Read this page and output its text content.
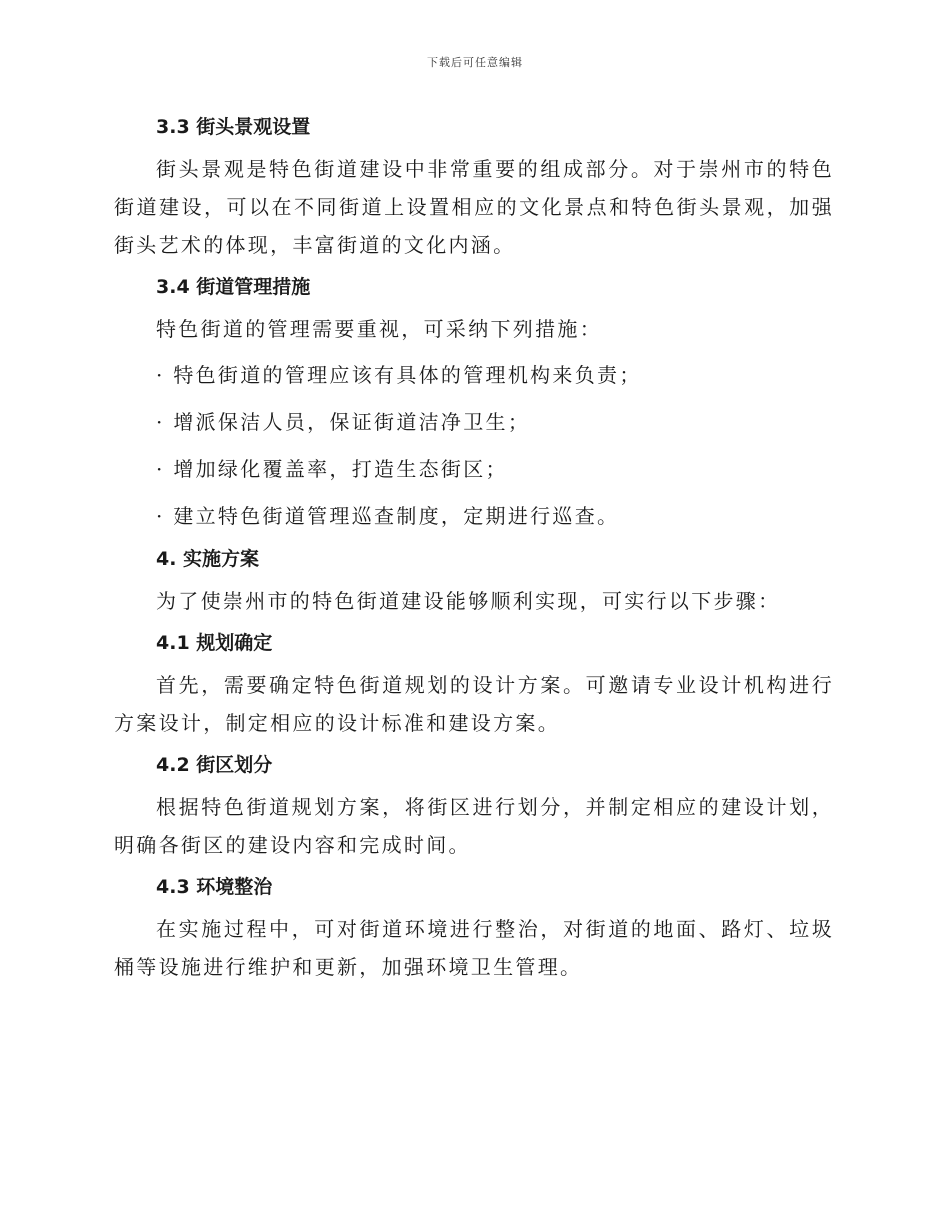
下载后可任意编辑
3.3 街头景观设置

街头景观是特色街道建设中非常重要的组成部分。对于崇州市的特色街道建设，可以在不同街道上设置相应的文化景点和特色街头景观，加强街头艺术的体现，丰富街道的文化内涵。

3.4 街道管理措施

特色街道的管理需要重视，可采纳下列措施：

· 特色街道的管理应该有具体的管理机构来负责；
· 增派保洁人员，保证街道洁净卫生；
· 增加绿化覆盖率，打造生态街区；
· 建立特色街道管理巡查制度，定期进行巡查。
4. 实施方案

为了使崇州市的特色街道建设能够顺利实现，可实行以下步骤：

4.1 规划确定

首先，需要确定特色街道规划的设计方案。可邀请专业设计机构进行方案设计，制定相应的设计标准和建设方案。

4.2 街区划分

根据特色街道规划方案，将街区进行划分，并制定相应的建设计划，明确各街区的建设内容和完成时间。

4.3 环境整治

在实施过程中，可对街道环境进行整治，对街道的地面、路灯、垃圾桶等设施进行维护和更新，加强环境卫生管理。
